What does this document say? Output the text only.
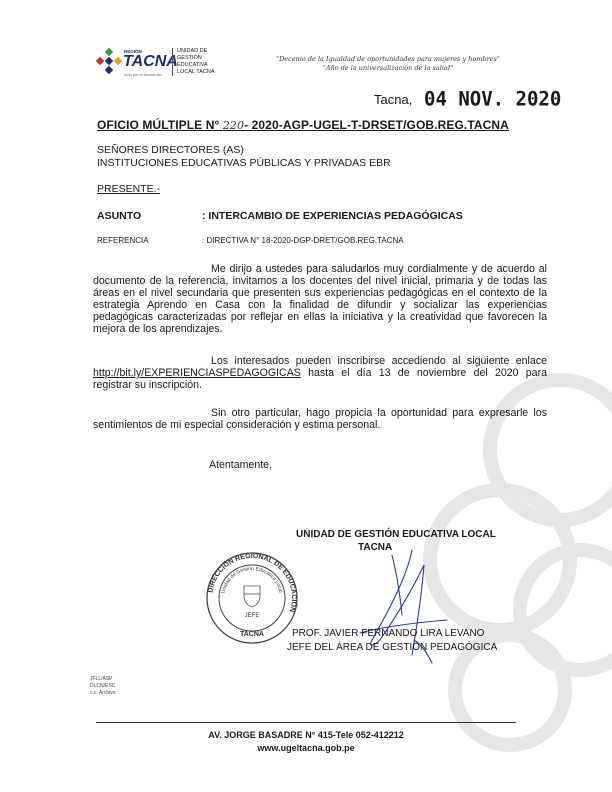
REGIÓN
TACNA
todo por el desarrollo
UNIDAD DE
GESTIÓN
EDUCATIVA
LOCAL TACNA
"Decenio de la Igualdad de oportunidades para mujeres y hombres"
"Año de la universalización de la salud"
Tacna, 04 NOV. 2020
OFICIO MÚLTIPLE N° 220- 2020-AGP-UGEL-T-DRSET/GOB.REG.TACNA
SEÑORES DIRECTORES (AS)
INSTITUCIONES EDUCATIVAS PÚBLICAS Y PRIVADAS EBR
PRESENTE.-
ASUNTO	: INTERCAMBIO DE EXPERIENCIAS PEDAGÓGICAS
REFERENCIA	: DIRECTIVA N° 18-2020-DGP-DRET/GOB.REG.TACNA
Me dirijo a ustedes para saludarlos muy cordialmente y de acuerdo al documento de la referencia, invitamos a los docentes del nivel inicial, primaria y de todas las áreas en el nivel secundaria que presenten sus experiencias pedagógicas en el contexto de la estrategia Aprendo en Casa con la finalidad de difundir y socializar las experiencias pedagógicas caracterizadas por reflejar en ellas la iniciativa y la creatividad que favorecen la mejora de los aprendizajes.
Los interesados pueden inscribirse accediendo al siguiente enlace http://bit.ly/EXPERIENCIASPEDAGOGICAS hasta el día 13 de noviembre del 2020 para registrar su inscripción.
Sin otro particular, hago propicia la oportunidad para expresarle los sentimientos de mi especial consideración y estima personal.
Atentamente,
UNIDAD DE GESTIÓN EDUCATIVA LOCAL
TACNA
DIRECCIÓN REGIONAL DE EDUCACIÓN
Unidad de Gestión Educativa Local
JEFE
TACNA	PROF. JAVIER FERNANDO LIRA LEVANO
JEFE DEL ÁREA DE GESTIÓN PEDAGÓGICA
JFLL/ASP
DLCN/ESC
c.c. Archivo
AV. JORGE BASADRE N° 415-Tele 052-412212
www.ugeltacna.gob.pe
